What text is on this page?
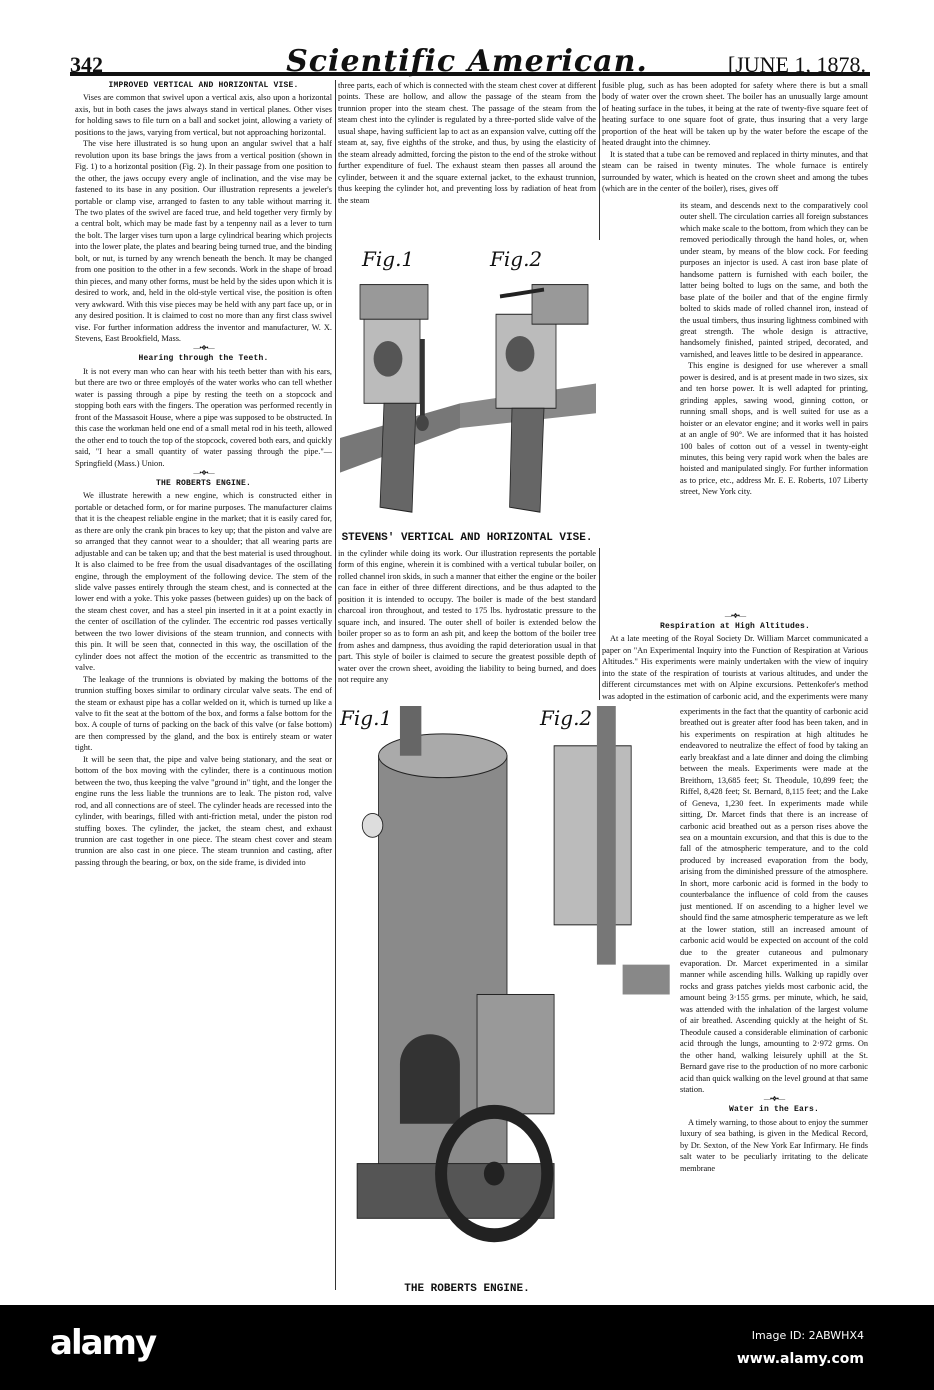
342	Scientific American.	[JUNE 1, 1878.
IMPROVED VERTICAL AND HORIZONTAL VISE.

Vises are common that swivel upon a vertical axis, also upon a horizontal axis, but in both cases the jaws always stand in vertical planes. Other vises for holding saws to file turn on a ball and socket joint, allowing a variety of positions to the jaws, varying from vertical, but not approaching horizontal.

The vise here illustrated is so hung upon an angular swivel that a half revolution upon its base brings the jaws from a vertical position (shown in Fig. 1) to a horizontal position (Fig. 2). In their passage from one position to the other, the jaws occupy every angle of inclination, and the vise may be fastened to its base in any position. Our illustration represents a jeweler's portable or clamp vise, arranged to fasten to any table without marring it. The two plates of the swivel are faced true, and held together very firmly by a central bolt, which may be made fast by a tenpenny nail as a lever to turn the bolt. The larger vises turn upon a large cylindrical bearing which projects into the lower plate, the plates and bearing being turned true, and the binding bolt, or nut, is turned by any wrench beneath the bench. It may be changed from one position to the other in a few seconds. Work in the shape of broad thin pieces, and many other forms, must be held by the sides upon which it is desired to work, and, held in the old-style vertical vise, the position is often very awkward. With this vise pieces may be held with any part face up, or in any desired position. It is claimed to cost no more than any first class swivel vise. For further information address the inventor and manufacturer, W. X. Stevens, East Brookfield, Mass.

—•❖•—
Hearing through the Teeth.

It is not every man who can hear with his teeth better than with his ears, but there are two or three employés of the water works who can tell whether water is passing through a pipe by resting the teeth on a stopcock and stopping both ears with the fingers. The operation was performed recently in front of the Massasoit House, where a pipe was supposed to be obstructed. In this case the workman held one end of a small metal rod in his teeth, allowed the other end to touch the top of the stopcock, covered both ears, and quickly said, "I hear a small quantity of water passing through the pipe."—Springfield (Mass.) Union.

—•❖•—
THE ROBERTS ENGINE.

We illustrate herewith a new engine, which is constructed either in portable or detached form, or for marine purposes. The manufacturer claims that it is the cheapest reliable engine in the market; that it is easily cared for, as there are only the crank pin braces to key up; that the piston and valve are so arranged that they cannot wear to a shoulder; that all wearing parts are adjustable and can be taken up; and that the best material is used throughout. It is also claimed to be free from the usual disadvantages of the oscillating engine, through the employment of the following device. The stem of the slide valve passes entirely through the steam chest, and is connected at the lower end with a yoke. This yoke passes (between guides) up on the back of the steam chest cover, and has a steel pin inserted in it at a point exactly in the center of oscillation of the cylinder. The eccentric rod passes vertically between the two lower divisions of the steam trunnion, and connects with this pin. It will be seen that, connected in this way, the oscillation of the cylinder does not affect the motion of the eccentric as transmitted to the valve.

The leakage of the trunnions is obviated by making the bottoms of the trunnion stuffing boxes similar to ordinary circular valve seats. The end of the steam or exhaust pipe has a collar welded on it, which is turned up like a valve to fit the seat at the bottom of the box, and forms a false bottom for the box. A couple of turns of packing on the back of this valve (or false bottom) are then compressed by the gland, and the box is entirely steam or water tight.

It will be seen that, the pipe and valve being stationary, and the seat or bottom of the box moving with the cylinder, there is a continuous motion between the two, thus keeping the valve "ground in" tight, and the longer the engine runs the less liable the trunnions are to leak. The piston rod, valve rod, and all connections are of steel. The cylinder heads are recessed into the cylinder, with bearings, filled with anti-friction metal, under the piston rod stuffing boxes. The cylinder, the jacket, the steam chest, and exhaust trunnion are cast together in one piece. The steam chest cover and steam trunnion are also cast in one piece. The steam trunnion and casting, after passing through the bearing, or box, on the side frame, is divided into

three parts, each of which is connected with the steam chest cover at different points. These are hollow, and allow the passage of the steam from the trunnion proper into the steam chest. The passage of the steam from the steam chest into the cylinder is regulated by a three-ported slide valve of the usual shape, having sufficient lap to act as an expansion valve, cutting off the steam at, say, five eighths of the stroke, and thus, by using the elasticity of the steam already admitted, forcing the piston to the end of the stroke without further expenditure of fuel. The exhaust steam then passes all around the cylinder, between it and the square external jacket, to the exhaust trunnion, thus keeping the cylinder hot, and preventing loss by radiation of heat from the steam

Fig.1	Fig.2
STEVENS' VERTICAL AND HORIZONTAL VISE.

in the cylinder while doing its work. Our illustration represents the portable form of this engine, wherein it is combined with a vertical tubular boiler, on rolled channel iron skids, in such a manner that either the engine or the boiler can face in either of three different directions, and be thus adapted to the position it is intended to occupy. The boiler is made of the best standard charcoal iron throughout, and tested to 175 lbs. hydrostatic pressure to the square inch, and insured. The outer shell of boiler is extended below the boiler proper so as to form an ash pit, and keep the bottom of the boiler tree from ashes and dampness, thus avoiding the rapid deterioration usual in that part. This style of boiler is claimed to secure the greatest possible depth of water over the crown sheet, avoiding the liability to being burned, and does not require any

Fig.1	Fig.2
THE ROBERTS ENGINE.

fusible plug, such as has been adopted for safety where there is but a small body of water over the crown sheet. The boiler has an unusually large amount of heating surface in the tubes, it being at the rate of twenty-five square feet of heating surface to one square foot of grate, thus insuring that a very large proportion of the heat will be taken up by the water before the escape of the heated draught into the chimney.

It is stated that a tube can be removed and replaced in thirty minutes, and that steam can be raised in twenty minutes. The whole furnace is entirely surrounded by water, which is heated on the crown sheet and among the tubes (which are in the center of the boiler), rises, gives off

its steam, and descends next to the comparatively cool outer shell. The circulation carries all foreign substances which make scale to the bottom, from which they can be removed periodically through the hand holes, or, when under steam, by means of the blow cock. For feeding purposes an injector is used. A cast iron base plate of handsome pattern is furnished with each boiler, the latter being bolted to lugs on the same, and both the base plate of the boiler and that of the engine firmly bolted to skids made of rolled channel iron, instead of the usual timbers, thus insuring lightness combined with great strength. The whole design is attractive, handsomely finished, painted striped, decorated, and varnished, and leaves little to be desired in appearance.

This engine is designed for use wherever a small power is desired, and is at present made in two sizes, six and ten horse power. It is well adapted for printing, grinding apples, sawing wood, ginning cotton, or running small shops, and is well suited for use as a hoister or an elevator engine; and it works well in pairs at an angle of 90°. We are informed that it has hoisted 100 bales of cotton out of a vessel in twenty-eight minutes, this being very rapid work when the bales are hoisted and manipulated singly. For further information as to price, etc., address Mr. E. E. Roberts, 107 Liberty street, New York city.

—•❖•—
Respiration at High Altitudes.

At a late meeting of the Royal Society Dr. William Marcet communicated a paper on "An Experimental Inquiry into the Function of Respiration at Various Altitudes." His experiments were mainly undertaken with the view of inquiry into the state of the respiration of tourists at various altitudes, and under the different circumstances met with on Alpine excursions. Pettenkofer's method was adopted in the estimation of carbonic acid, and the experiments were many

experiments in the fact that the quantity of carbonic acid breathed out is greater after food has been taken, and in his experiments on respiration at high altitudes he endeavored to neutralize the effect of food by taking an early breakfast and a late dinner and doing the climbing between the meals. Experiments were made at the Breithorn, 13,685 feet; St. Theodule, 10,899 feet; the Riffel, 8,428 feet; St. Bernard, 8,115 feet; and the Lake of Geneva, 1,230 feet. In experiments made while sitting, Dr. Marcet finds that there is an increase of carbonic acid breathed out as a person rises above the sea on a mountain excursion, and that this is due to the fall of the atmospheric temperature, and to the cold produced by increased evaporation from the body, arising from the diminished pressure of the atmosphere. In short, more carbonic acid is formed in the body to counterbalance the influence of cold from the causes just mentioned. If on ascending to a higher level we should find the same atmospheric temperature as we left at the lower station, still an increased amount of carbonic acid would be expected on account of the cold due to the greater cutaneous and pulmonary evaporation. Dr. Marcet experimented in a similar manner while ascending hills. Walking up rapidly over rocks and grass patches yields most carbonic acid, the amount being 3·155 grms. per minute, which, he said, was attended with the inhalation of the largest volume of air breathed. Ascending quickly at the height of St. Theodule caused a considerable elimination of carbonic acid through the lungs, amounting to 2·972 grms. On the other hand, walking leisurely uphill at the St. Bernard gave rise to the production of no more carbonic acid than quick walking on the level ground at that same station.

—•❖•—
Water in the Ears.

A timely warning, to those about to enjoy the summer luxury of sea bathing, is given in the Medical Record, by Dr. Sexton, of the New York Ear Infirmary. He finds salt water to be peculiarly irritating to the delicate membrane

alamy	Image ID: 2ABWHX4
www.alamy.com
